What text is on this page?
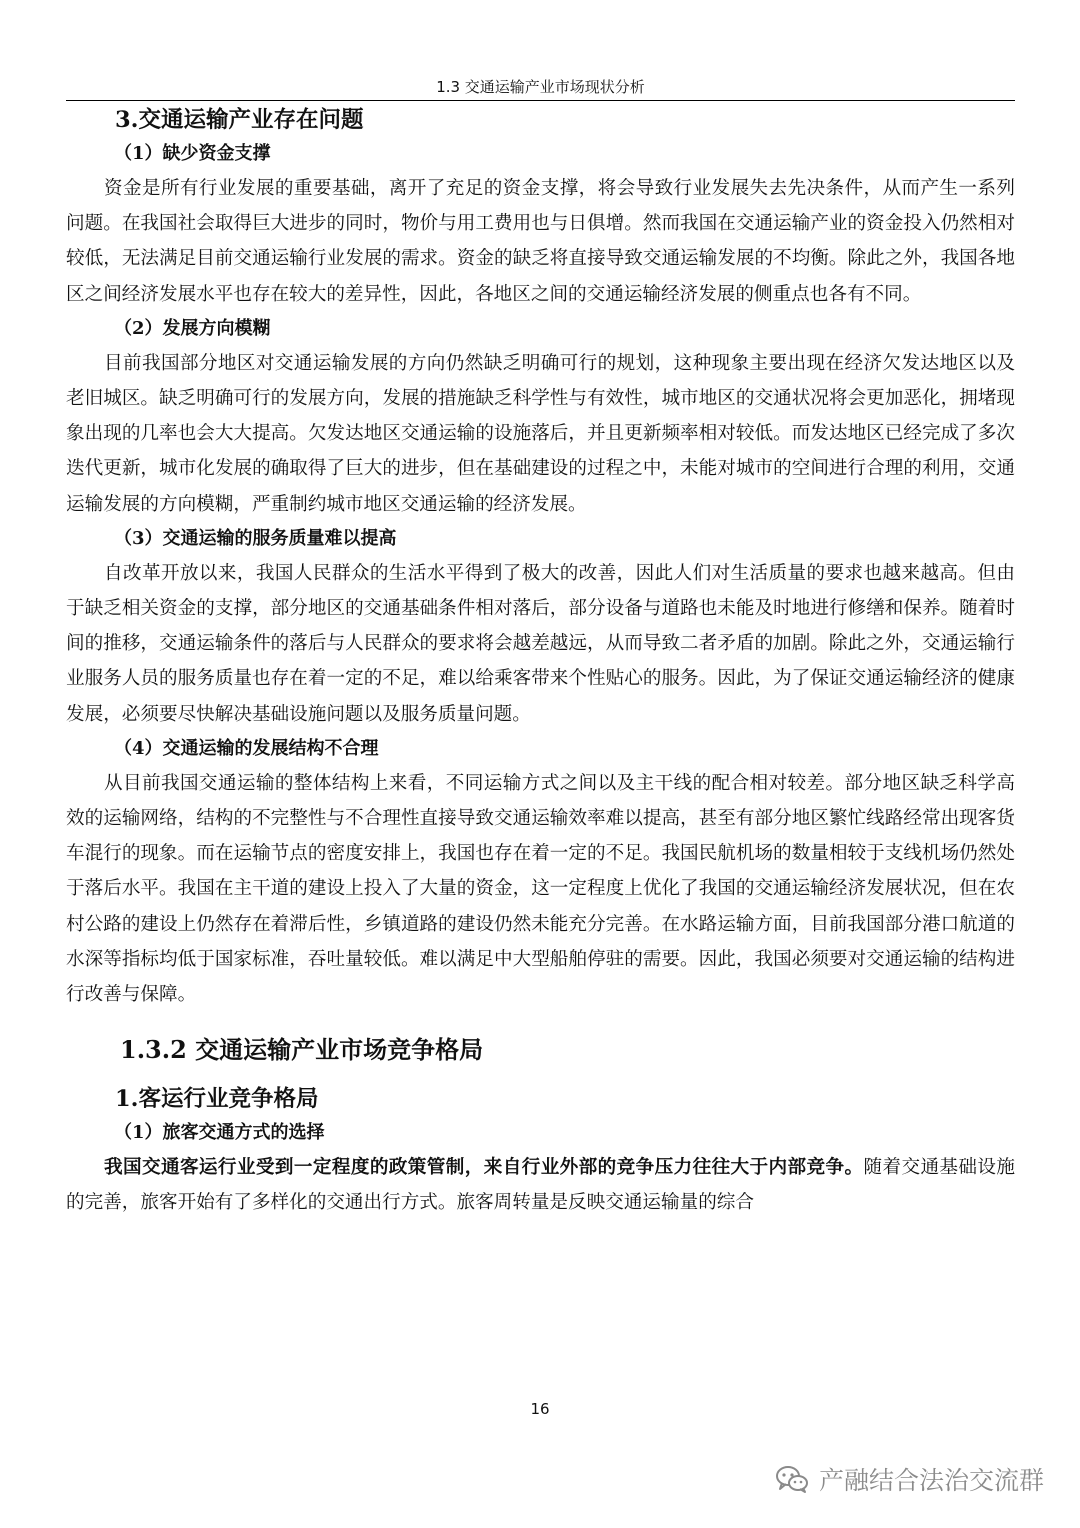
1.3 交通运输产业市场现状分析
3.交通运输产业存在问题
（1）缺少资金支撑

资金是所有行业发展的重要基础，离开了充足的资金支撑，将会导致行业发展失去先决条件，从而产生一系列问题。在我国社会取得巨大进步的同时，物价与用工费用也与日俱增。然而我国在交通运输产业的资金投入仍然相对较低，无法满足目前交通运输行业发展的需求。资金的缺乏将直接导致交通运输发展的不均衡。除此之外，我国各地区之间经济发展水平也存在较大的差异性，因此，各地区之间的交通运输经济发展的侧重点也各有不同。

（2）发展方向模糊

目前我国部分地区对交通运输发展的方向仍然缺乏明确可行的规划，这种现象主要出现在经济欠发达地区以及老旧城区。缺乏明确可行的发展方向，发展的措施缺乏科学性与有效性，城市地区的交通状况将会更加恶化，拥堵现象出现的几率也会大大提高。欠发达地区交通运输的设施落后，并且更新频率相对较低。而发达地区已经完成了多次迭代更新，城市化发展的确取得了巨大的进步，但在基础建设的过程之中，未能对城市的空间进行合理的利用，交通运输发展的方向模糊，严重制约城市地区交通运输的经济发展。

（3）交通运输的服务质量难以提高

自改革开放以来，我国人民群众的生活水平得到了极大的改善，因此人们对生活质量的要求也越来越高。但由于缺乏相关资金的支撑，部分地区的交通基础条件相对落后，部分设备与道路也未能及时地进行修缮和保养。随着时间的推移，交通运输条件的落后与人民群众的要求将会越差越远，从而导致二者矛盾的加剧。除此之外，交通运输行业服务人员的服务质量也存在着一定的不足，难以给乘客带来个性贴心的服务。因此，为了保证交通运输经济的健康发展，必须要尽快解决基础设施问题以及服务质量问题。

（4）交通运输的发展结构不合理

从目前我国交通运输的整体结构上来看，不同运输方式之间以及主干线的配合相对较差。部分地区缺乏科学高效的运输网络，结构的不完整性与不合理性直接导致交通运输效率难以提高，甚至有部分地区繁忙线路经常出现客货车混行的现象。而在运输节点的密度安排上，我国也存在着一定的不足。我国民航机场的数量相较于支线机场仍然处于落后水平。我国在主干道的建设上投入了大量的资金，这一定程度上优化了我国的交通运输经济发展状况，但在农村公路的建设上仍然存在着滞后性，乡镇道路的建设仍然未能充分完善。在水路运输方面，目前我国部分港口航道的水深等指标均低于国家标准，吞吐量较低。难以满足中大型船舶停驻的需要。因此，我国必须要对交通运输的结构进行改善与保障。

1.3.2 交通运输产业市场竞争格局
1.客运行业竞争格局
（1）旅客交通方式的选择

我国交通客运行业受到一定程度的政策管制，来自行业外部的竞争压力往往大于内部竞争。随着交通基础设施的完善，旅客开始有了多样化的交通出行方式。旅客周转量是反映交通运输量的综合

16
产融结合法治交流群
